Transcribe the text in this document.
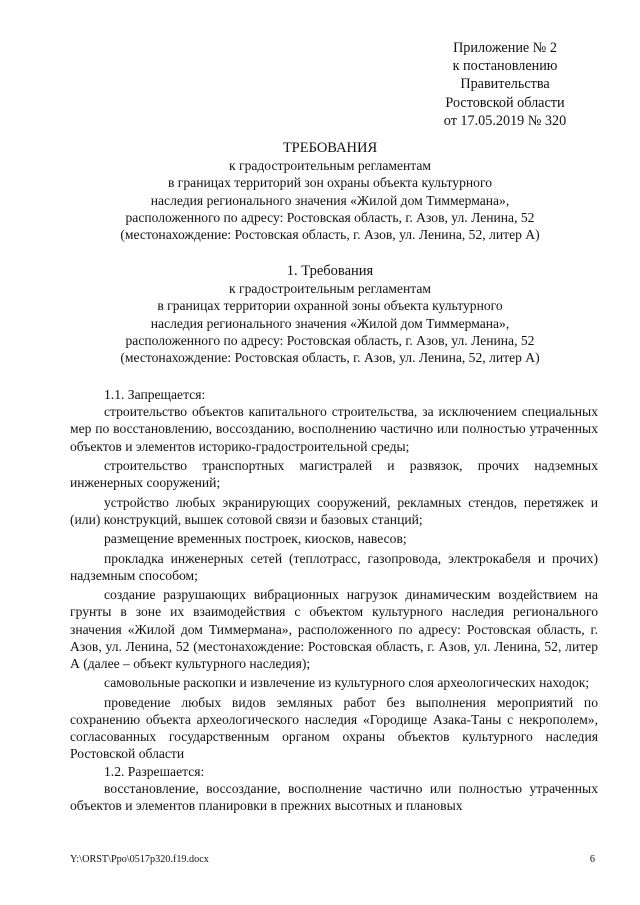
Приложение № 2
к постановлению
Правительства
Ростовской области
от 17.05.2019 № 320
ТРЕБОВАНИЯ
к градостроительным регламентам
в границах территорий зон охраны объекта культурного
наследия регионального значения «Жилой дом Тиммермана»,
расположенного по адресу: Ростовская область, г. Азов, ул. Ленина, 52
(местонахождение: Ростовская область, г. Азов, ул. Ленина, 52, литер А)
1. Требования
к градостроительным регламентам
в границах территории охранной зоны объекта культурного
наследия регионального значения «Жилой дом Тиммермана»,
расположенного по адресу: Ростовская область, г. Азов, ул. Ленина, 52
(местонахождение: Ростовская область, г. Азов, ул. Ленина, 52, литер А)

1.1. Запрещается:

строительство объектов капитального строительства, за исключением специальных мер по восстановлению, воссозданию, восполнению частично или полностью утраченных объектов и элементов историко-градостроительной среды;

строительство транспортных магистралей и развязок, прочих надземных инженерных сооружений;

устройство любых экранирующих сооружений, рекламных стендов, перетяжек и (или) конструкций, вышек сотовой связи и базовых станций;

размещение временных построек, киосков, навесов;

прокладка инженерных сетей (теплотрасс, газопровода, электрокабеля и прочих) надземным способом;

создание разрушающих вибрационных нагрузок динамическим воздействием на грунты в зоне их взаимодействия с объектом культурного наследия регионального значения «Жилой дом Тиммермана», расположенного по адресу: Ростовская область, г. Азов, ул. Ленина, 52 (местонахождение: Ростовская область, г. Азов, ул. Ленина, 52, литер А (далее – объект культурного наследия);

самовольные раскопки и извлечение из культурного слоя археологических находок;

проведение любых видов земляных работ без выполнения мероприятий по сохранению объекта археологического наследия «Городище Азака-Таны с некрополем», согласованных государственным органом охраны объектов культурного наследия Ростовской области

1.2. Разрешается:

восстановление, воссоздание, восполнение частично или полностью утраченных объектов и элементов планировки в прежних высотных и плановых

Y:\ORST\Ppo\0517p320.f19.docx	6
